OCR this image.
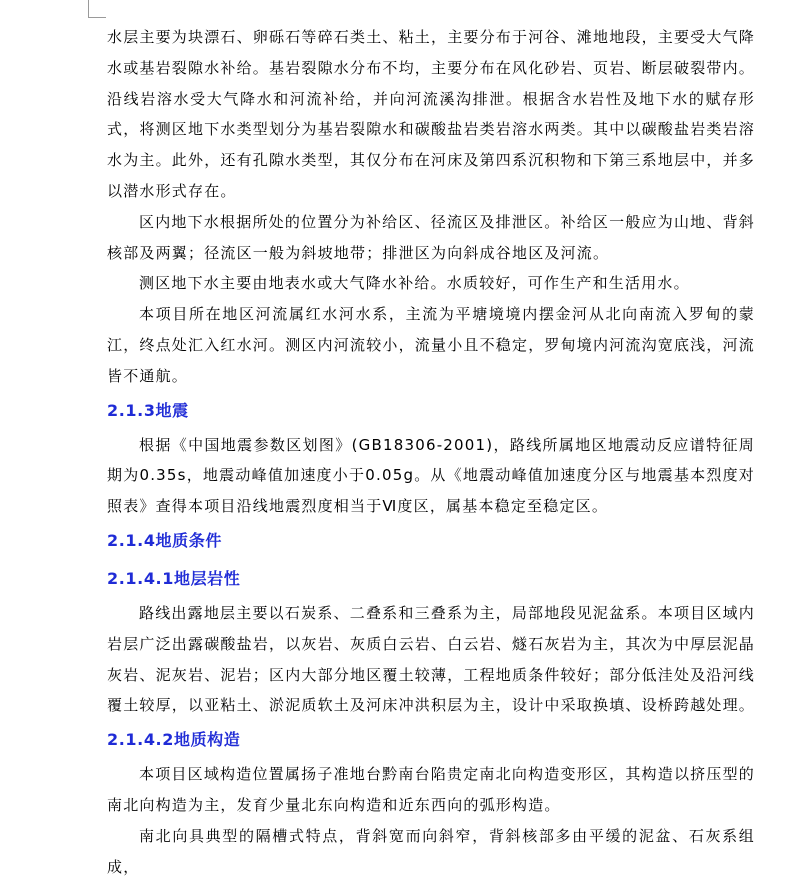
水层主要为块漂石、卵砾石等碎石类土、粘土，主要分布于河谷、滩地地段，主要受大气降水或基岩裂隙水补给。基岩裂隙水分布不均，主要分布在风化砂岩、页岩、断层破裂带内。沿线岩溶水受大气降水和河流补给，并向河流溪沟排泄。根据含水岩性及地下水的赋存形式，将测区地下水类型划分为基岩裂隙水和碳酸盐岩类岩溶水两类。其中以碳酸盐岩类岩溶水为主。此外，还有孔隙水类型，其仅分布在河床及第四系沉积物和下第三系地层中，并多以潜水形式存在。

区内地下水根据所处的位置分为补给区、径流区及排泄区。补给区一般应为山地、背斜核部及两翼；径流区一般为斜坡地带；排泄区为向斜成谷地区及河流。

测区地下水主要由地表水或大气降水补给。水质较好，可作生产和生活用水。

本项目所在地区河流属红水河水系，主流为平塘境境内摆金河从北向南流入罗甸的蒙江，终点处汇入红水河。测区内河流较小，流量小且不稳定，罗甸境内河流沟宽底浅，河流皆不通航。

2.1.3地震

根据《中国地震参数区划图》(GB18306-2001)，路线所属地区地震动反应谱特征周期为0.35s，地震动峰值加速度小于0.05g。从《地震动峰值加速度分区与地震基本烈度对照表》查得本项目沿线地震烈度相当于Ⅵ度区，属基本稳定至稳定区。

2.1.4地质条件
2.1.4.1地层岩性

路线出露地层主要以石炭系、二叠系和三叠系为主，局部地段见泥盆系。本项目区域内岩层广泛出露碳酸盐岩，以灰岩、灰质白云岩、白云岩、燧石灰岩为主，其次为中厚层泥晶灰岩、泥灰岩、泥岩；区内大部分地区覆土较薄，工程地质条件较好；部分低洼处及沿河线覆土较厚，以亚粘土、淤泥质软土及河床冲洪积层为主，设计中采取换填、设桥跨越处理。

2.1.4.2地质构造

本项目区域构造位置属扬子准地台黔南台陷贵定南北向构造变形区，其构造以挤压型的南北向构造为主，发育少量北东向构造和近东西向的弧形构造。

南北向具典型的隔槽式特点，背斜宽而向斜窄，背斜核部多由平缓的泥盆、石灰系组成，
